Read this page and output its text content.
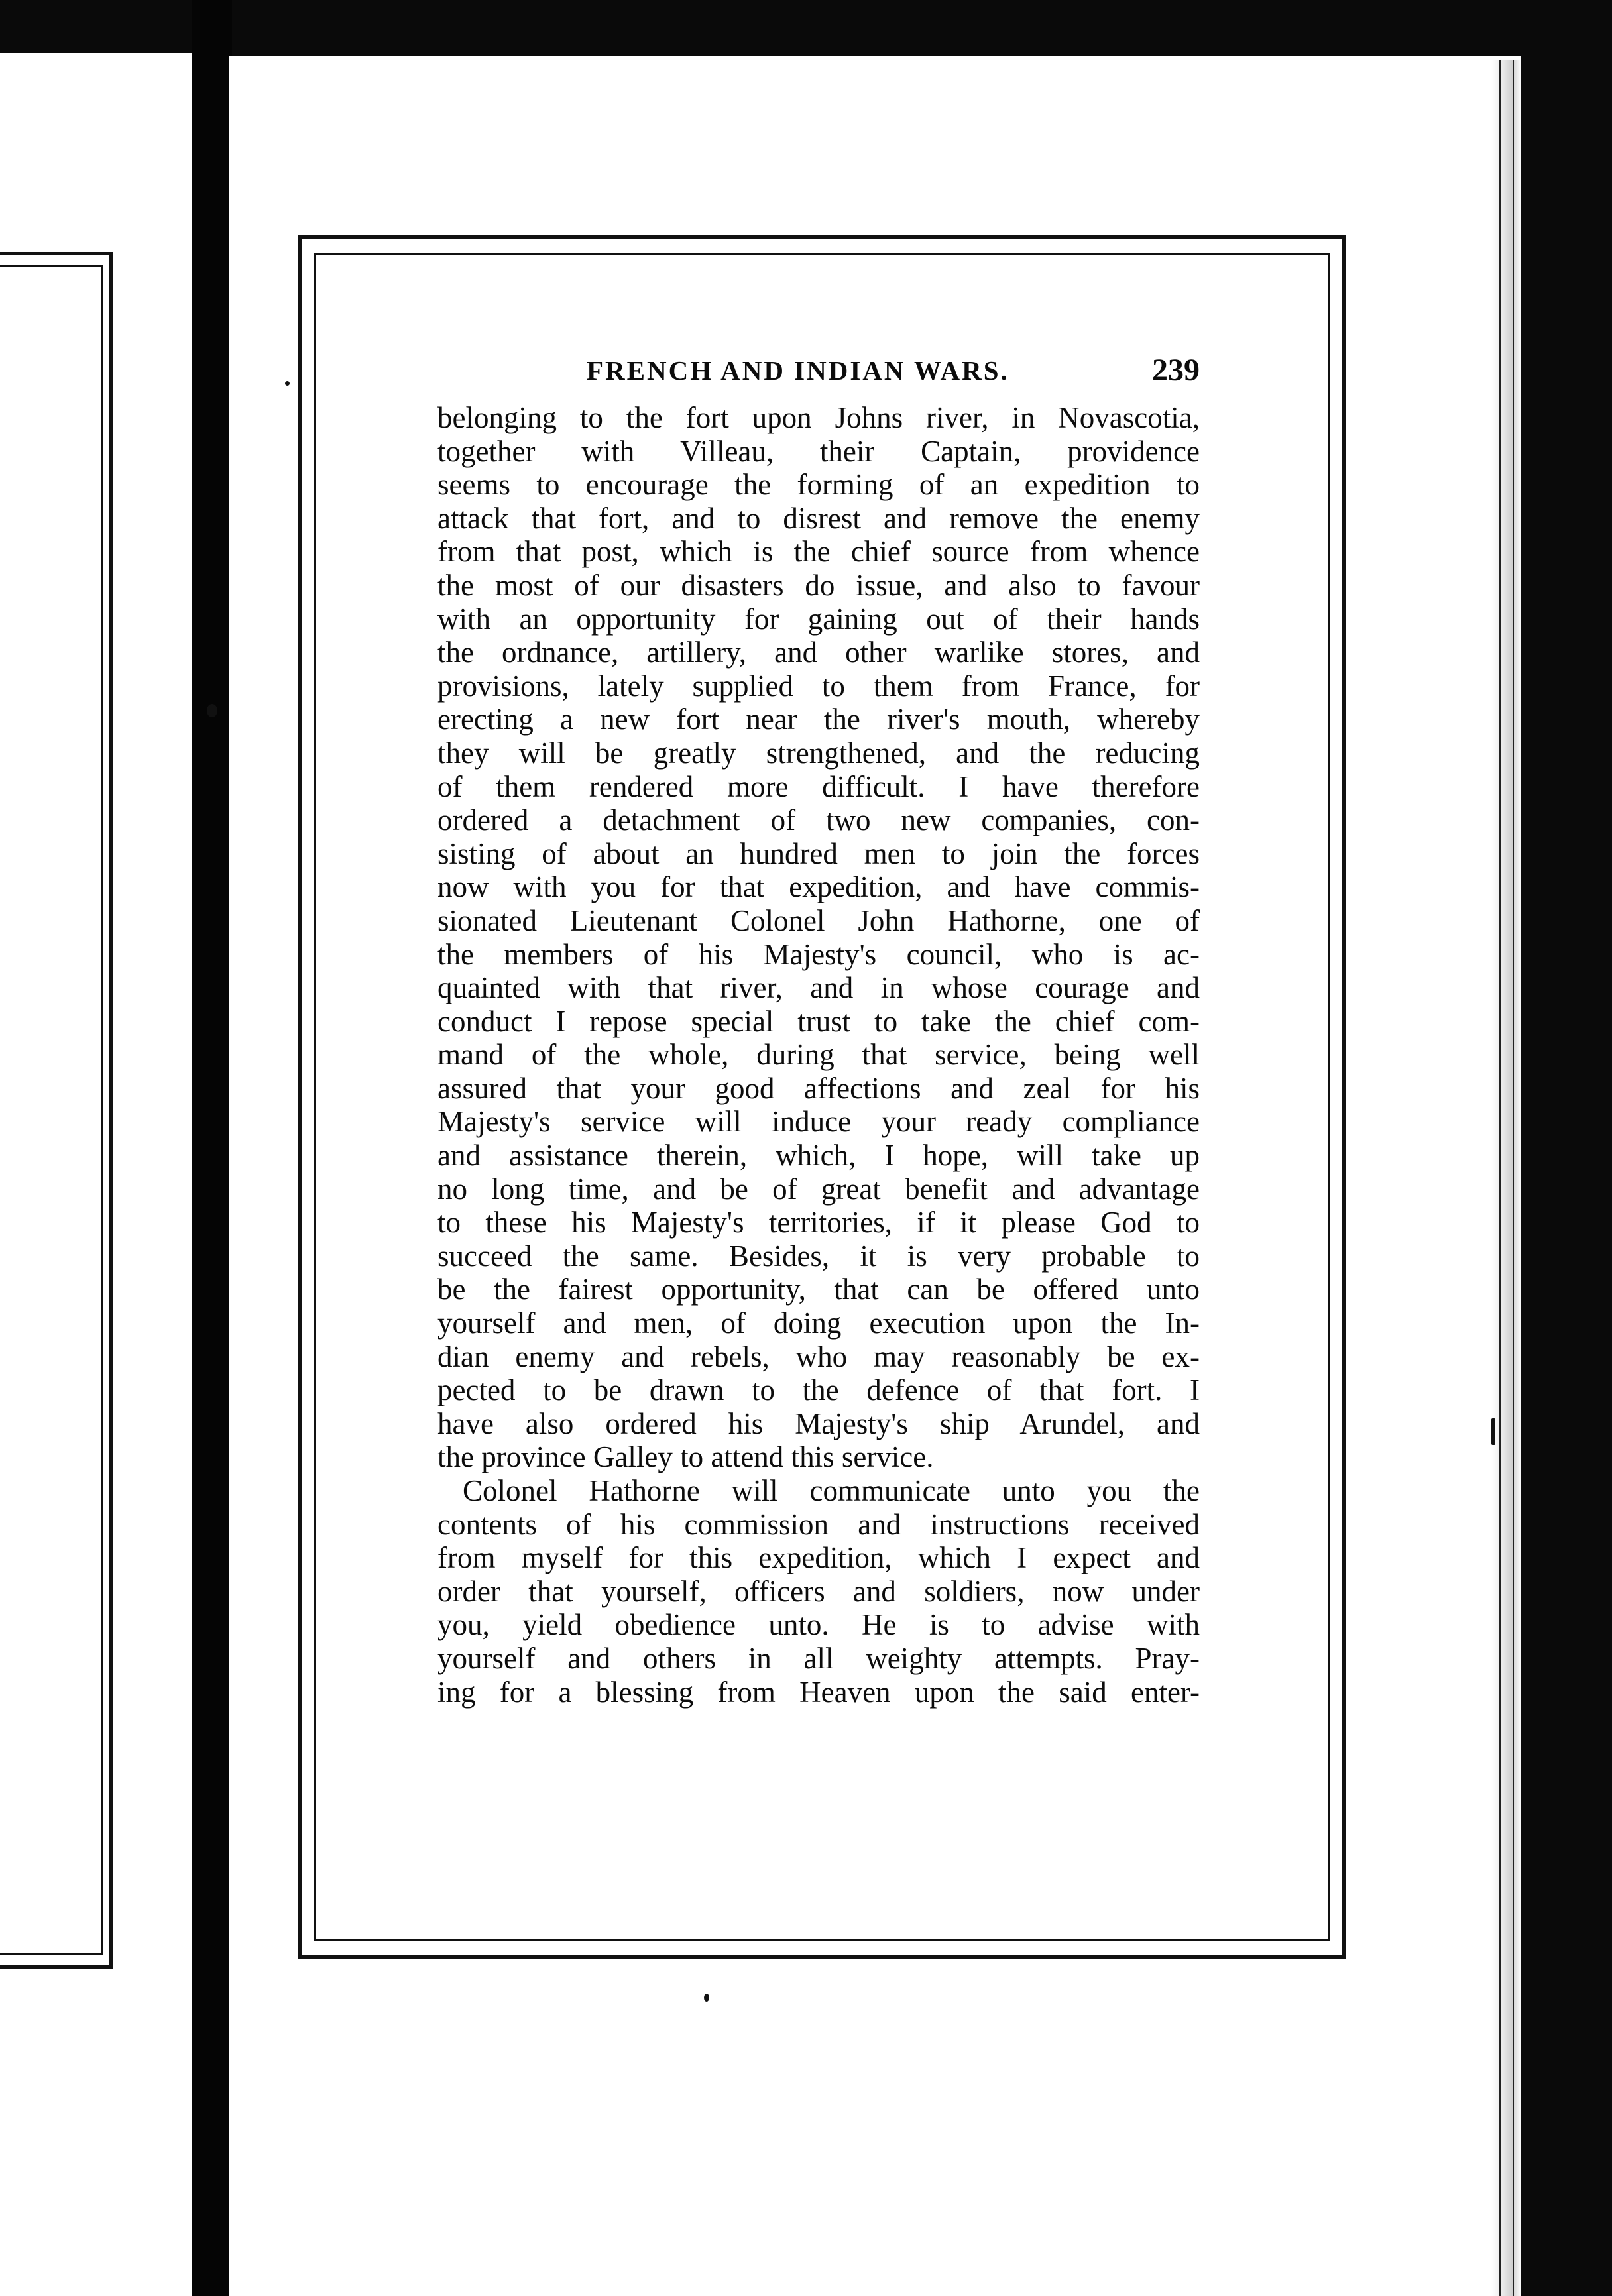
FRENCH AND INDIAN WARS.	239
belonging to the fort upon Johns river, in Novascotia,
together with Villeau, their Captain, providence
seems to encourage the forming of an expedition to
attack that fort, and to disrest and remove the enemy
from that post, which is the chief source from whence
the most of our disasters do issue, and also to favour
with an opportunity for gaining out of their hands
the ordnance, artillery, and other warlike stores, and
provisions, lately supplied to them from France, for
erecting a new fort near the river's mouth, whereby
they will be greatly strengthened, and the reducing
of them rendered more difficult. I have therefore
ordered a detachment of two new companies, con-
sisting of about an hundred men to join the forces
now with you for that expedition, and have commis-
sionated Lieutenant Colonel John Hathorne, one of
the members of his Majesty's council, who is ac-
quainted with that river, and in whose courage and
conduct I repose special trust to take the chief com-
mand of the whole, during that service, being well
assured that your good affections and zeal for his
Majesty's service will induce your ready compliance
and assistance therein, which, I hope, will take up
no long time, and be of great benefit and advantage
to these his Majesty's territories, if it please God to
succeed the same. Besides, it is very probable to
be the fairest opportunity, that can be offered unto
yourself and men, of doing execution upon the In-
dian enemy and rebels, who may reasonably be ex-
pected to be drawn to the defence of that fort. I
have also ordered his Majesty's ship Arundel, and
the province Galley to attend this service.
Colonel Hathorne will communicate unto you the
contents of his commission and instructions received
from myself for this expedition, which I expect and
order that yourself, officers and soldiers, now under
you, yield obedience unto. He is to advise with
yourself and others in all weighty attempts. Pray-
ing for a blessing from Heaven upon the said enter-
